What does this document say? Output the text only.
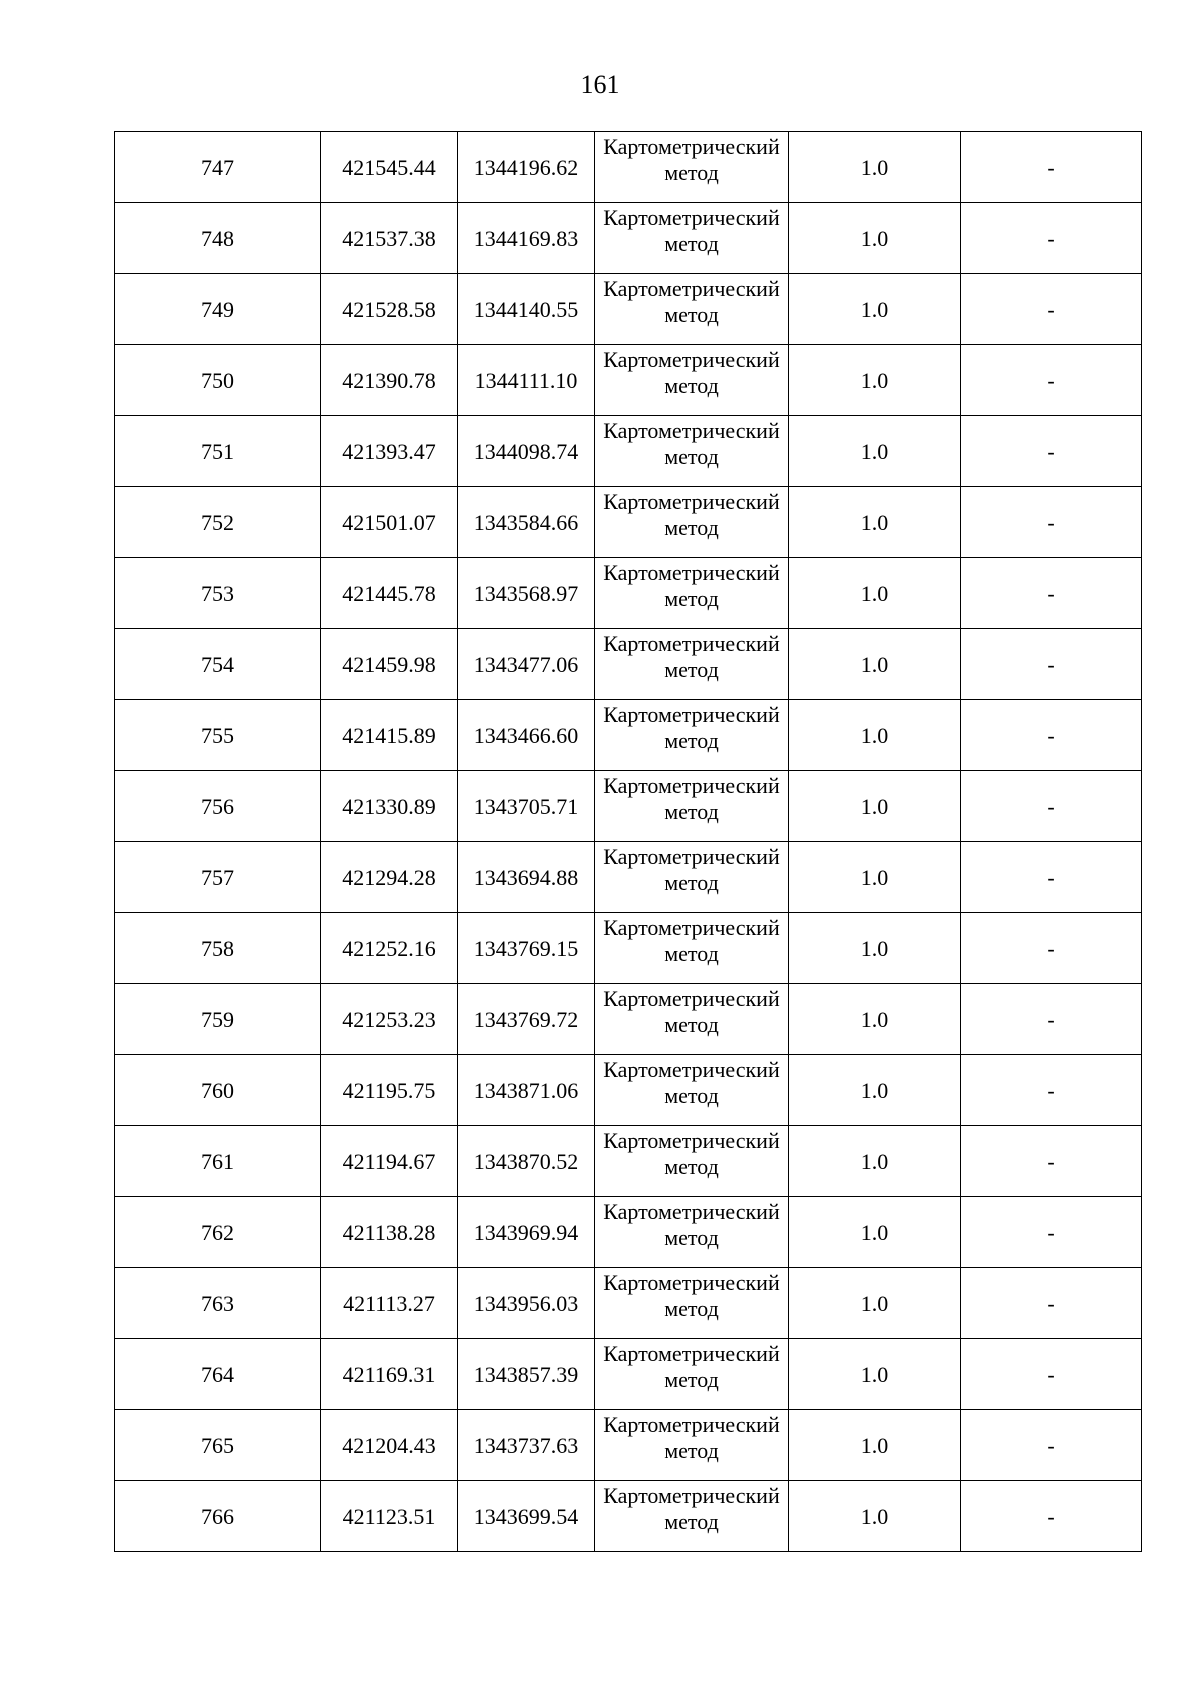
161
747	421545.44	1344196.62	Картометрический метод	1.0	-
748	421537.38	1344169.83	Картометрический метод	1.0	-
749	421528.58	1344140.55	Картометрический метод	1.0	-
750	421390.78	1344111.10	Картометрический метод	1.0	-
751	421393.47	1344098.74	Картометрический метод	1.0	-
752	421501.07	1343584.66	Картометрический метод	1.0	-
753	421445.78	1343568.97	Картометрический метод	1.0	-
754	421459.98	1343477.06	Картометрический метод	1.0	-
755	421415.89	1343466.60	Картометрический метод	1.0	-
756	421330.89	1343705.71	Картометрический метод	1.0	-
757	421294.28	1343694.88	Картометрический метод	1.0	-
758	421252.16	1343769.15	Картометрический метод	1.0	-
759	421253.23	1343769.72	Картометрический метод	1.0	-
760	421195.75	1343871.06	Картометрический метод	1.0	-
761	421194.67	1343870.52	Картометрический метод	1.0	-
762	421138.28	1343969.94	Картометрический метод	1.0	-
763	421113.27	1343956.03	Картометрический метод	1.0	-
764	421169.31	1343857.39	Картометрический метод	1.0	-
765	421204.43	1343737.63	Картометрический метод	1.0	-
766	421123.51	1343699.54	Картометрический метод	1.0	-
